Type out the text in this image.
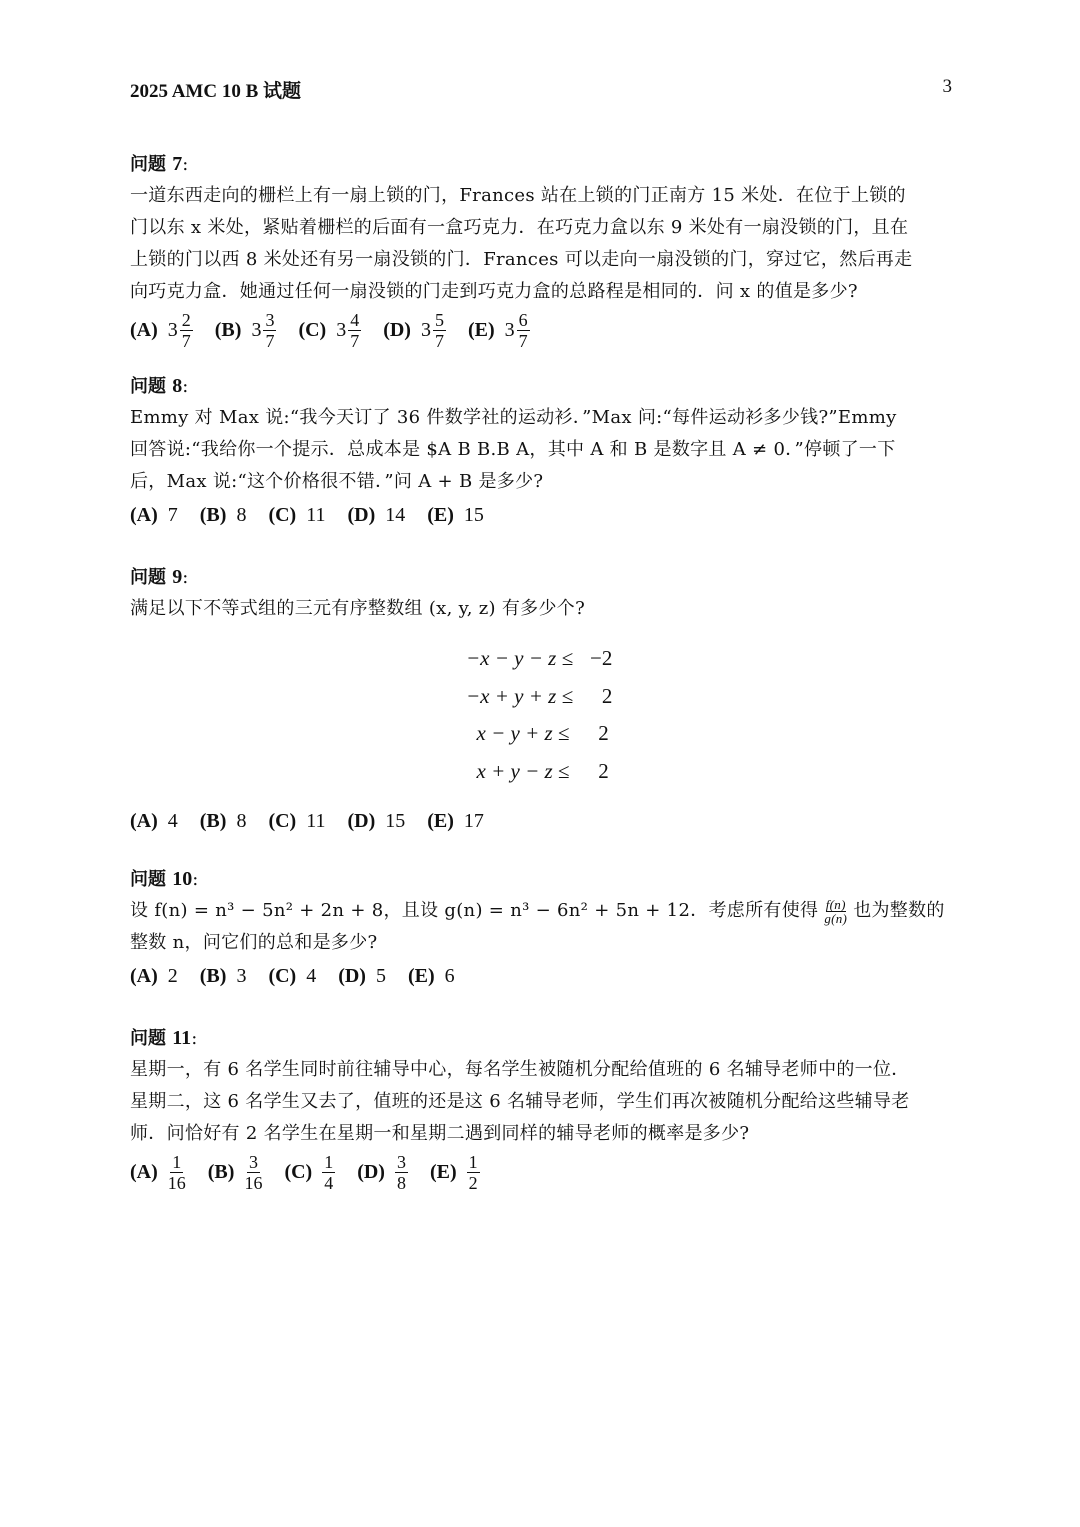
2025 AMC 10 B 试题	3
问题 7:
一道东西走向的栅栏上有一扇上锁的门，Frances 站在上锁的门正南方 15 米处．在位于上锁的
门以东 x 米处，紧贴着栅栏的后面有一盒巧克力．在巧克力盒以东 9 米处有一扇没锁的门，且在
上锁的门以西 8 米处还有另一扇没锁的门．Frances 可以走向一扇没锁的门，穿过它，然后再走
向巧克力盒．她通过任何一扇没锁的门走到巧克力盒的总路程是相同的．问 x 的值是多少?
(A) $3 \frac{2}{7} (B)$ $3 \frac{3}{7} (C)$ $3 \frac{4}{7} (D)$ $3 \frac{5}{7} (E)$ $3 \frac{6}{7}$
问题 8:
Emmy 对 Max 说:“我今天订了 36 件数学社的运动衫．”Max 问:“每件运动衫多少钱?”Emmy
回答说:“我给你一个提示．总成本是 $A B B.B A，其中 A 和 B 是数字且 A ≠ 0．”停顿了一下
后，Max 说:“这个价格很不错．”问 A + B 是多少?
(A) 7 (B) 8 (C) 11 (D) 14 (E) 15
问题 9:
满足以下不等式组的三元有序整数组 (x, y, z) 有多少个?
−x − y − z ≤ −2
−x + y + z ≤ 2
x − y + z ≤ 2
x + y − z ≤ 2
(A) 4 (B) 8 (C) 11 (D) 15 (E) 17
问题 10:
设 f(n) = n³ − 5n² + 2n + 8，且设 g(n) = n³ − 6n² + 5n + 12．考虑所有使得 $\frac{f(n)}{g(n)}$ 也为整数的
整数 n，问它们的总和是多少?
(A) 2 (B) 3 (C) 4 (D) 5 (E) 6
问题 11:
星期一，有 6 名学生同时前往辅导中心，每名学生被随机分配给值班的 6 名辅导老师中的一位．
星期二，这 6 名学生又去了，值班的还是这 6 名辅导老师，学生们再次被随机分配给这些辅导老
师．问恰好有 2 名学生在星期一和星期二遇到同样的辅导老师的概率是多少?
$(A) \frac{1}{16} (B) \frac{3}{16} (C) \frac{1}{4} (D) \frac{3}{8} (E) \frac{1}{2}$
